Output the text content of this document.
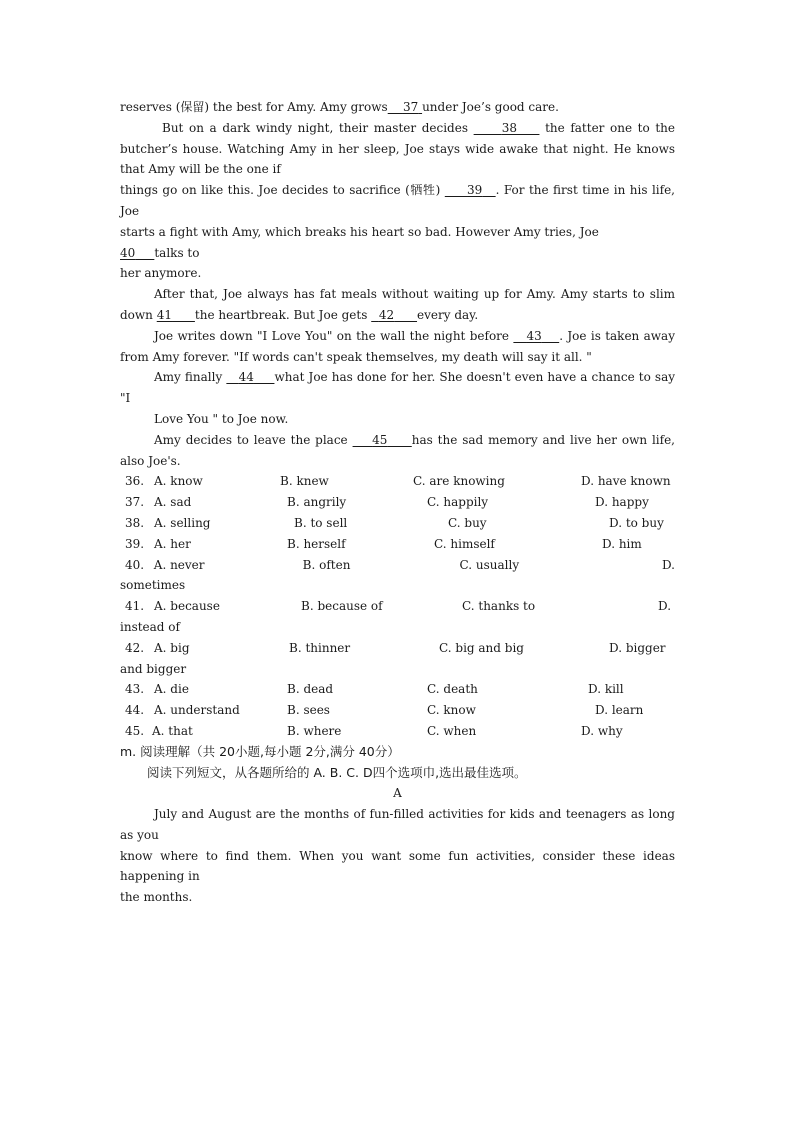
reserves (保留) the best for Amy. Amy grows 37 under Joe’s good care.

But on a dark windy night, their master decides	38 the fatter one to the butcher’s house. Watching Amy in her sleep, Joe stays wide awake that night. He knows that Amy will be the one if

things go on like this. Joe decides to sacrifice (牺牲) 39 . For the first time in his life, Joe

starts a fight with Amy, which breaks his heart so bad. However Amy tries, Joe
40 talks to
her anymore.

After that, Joe always has fat meals without waiting up for Amy. Amy starts to slim down 41 the heartbreak. But Joe gets 42 every day.

Joe writes down "I Love You" on the wall the night before 43 . Joe is taken away from Amy forever. "If words can't speak themselves, my death will say it all. "

Amy finally 44 what Joe has done for her. She doesn't even have a chance to say "I
Love You " to Joe now.

Amy decides to leave the place 45 has the sad memory and live her own life, also Joe's.

36. A. know	B. knew	C. are knowing	D. have known
37. A. sad	B. angrily	C. happily	D. happy
38. A. selling	B. to sell	C. buy	D. to buy
39. A. her	B. herself	C. himself	D. him
40. A. never	B. often	C. usually	D.
sometimes
41. A. because	B. because of	C. thanks to	D.
instead of
42. A. big	B. thinner	C. big and big	D. bigger
and bigger
43. A. die	B. dead	C. death	D. kill
44. A. understand	B. sees	C. know	D. learn
45. A. that	B. where	C. when	D. why

m. 阅读理解（共 20小题,每小题 2分,满分 40分）

阅读下列短文，从各题所给的 A. B. C. D四个选项巾,选出最佳选项。

A

July and August are the months of fun-filled activities for kids and teenagers as long as you

know where to find them. When you want some fun activities, consider these ideas happening in
the months.
